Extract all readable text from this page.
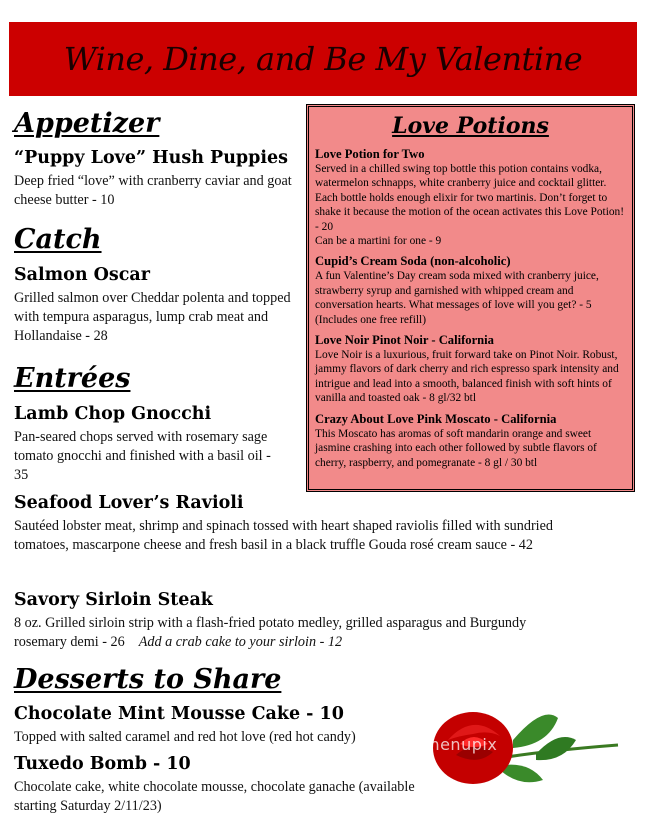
Wine, Dine, and Be My Valentine
Appetizer
“Puppy Love” Hush Puppies
Deep fried “love” with cranberry caviar and goat cheese butter - 10
Catch
Salmon Oscar
Grilled salmon over Cheddar polenta and topped with tempura asparagus, lump crab meat and Hollandaise - 28
Entrées
Lamb Chop Gnocchi
Pan-seared chops served with rosemary sage tomato gnocchi and finished with a basil oil - 35
Seafood Lover’s Ravioli
Sautéed lobster meat, shrimp and spinach tossed with heart shaped raviolis filled with sundried tomatoes, mascarpone cheese and fresh basil in a black truffle Gouda rosé cream sauce - 42
Savory Sirloin Steak
8 oz. Grilled sirloin strip with a flash-fried potato medley, grilled asparagus and Burgundy rosemary demi - 26 Add a crab cake to your sirloin - 12
Desserts to Share
Chocolate Mint Mousse Cake - 10
Topped with salted caramel and red hot love (red hot candy)
Tuxedo Bomb - 10
Chocolate cake, white chocolate mousse, chocolate ganache (available starting Saturday 2/11/23)
Love Potions

Love Potion for Two

Served in a chilled swing top bottle this potion contains vodka, watermelon schnapps, white cranberry juice and cocktail glitter. Each bottle holds enough elixir for two martinis. Don’t forget to shake it because the motion of the ocean activates this Love Potion! - 20

Can be a martini for one - 9

Cupid’s Cream Soda (non-alcoholic)

A fun Valentine’s Day cream soda mixed with cranberry juice, strawberry syrup and garnished with whipped cream and conversation hearts. What messages of love will you get? - 5 (Includes one free refill)

Love Noir Pinot Noir - California

Love Noir is a luxurious, fruit forward take on Pinot Noir. Robust, jammy flavors of dark cherry and rich espresso spark intensity and intrigue and lead into a smooth, balanced finish with soft hints of vanilla and toasted oak - 8 gl/32 btl

Crazy About Love Pink Moscato - California

This Moscato has aromas of soft mandarin orange and sweet jasmine crashing into each other followed by subtle flavors of cherry, raspberry, and pomegranate - 8 gl / 30 btl

menupix
